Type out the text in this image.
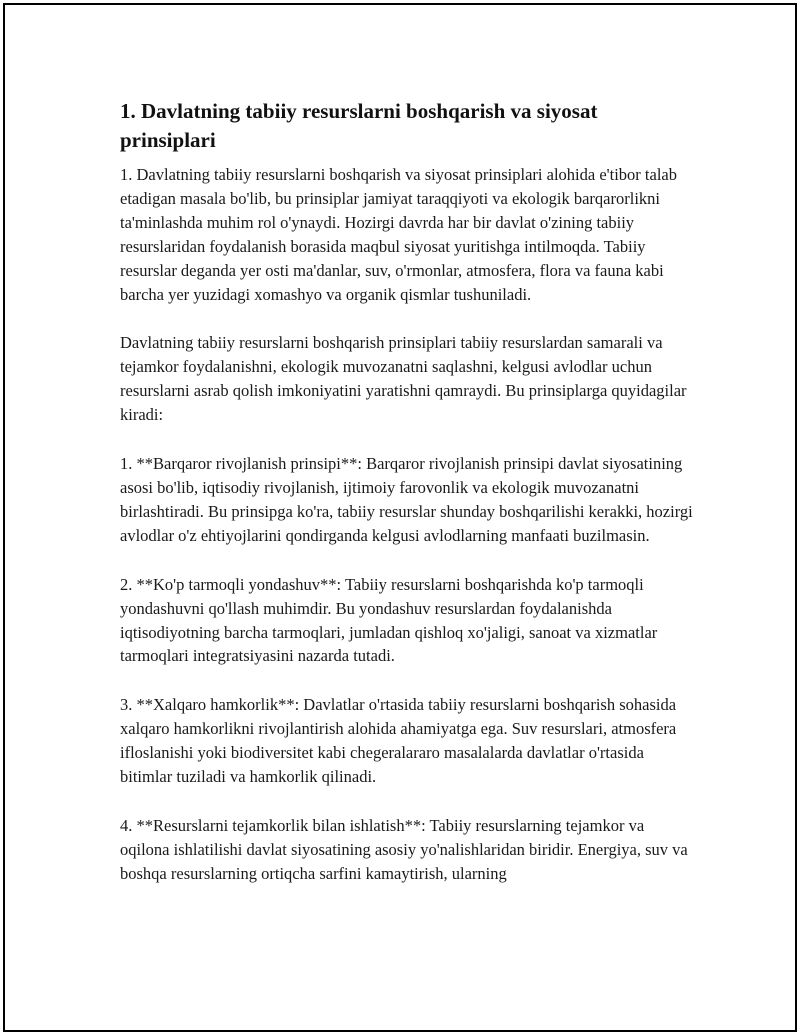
1. Davlatning tabiiy resurslarni boshqarish va siyosat prinsiplari

1. Davlatning tabiiy resurslarni boshqarish va siyosat prinsiplari alohida e'tibor talab etadigan masala bo'lib, bu prinsiplar jamiyat taraqqiyoti va ekologik barqarorlikni ta'minlashda muhim rol o'ynaydi. Hozirgi davrda har bir davlat o'zining tabiiy resurslaridan foydalanish borasida maqbul siyosat yuritishga intilmoqda. Tabiiy resurslar deganda yer osti ma'danlar, suv, o'rmonlar, atmosfera, flora va fauna kabi barcha yer yuzidagi xomashyo va organik qismlar tushuniladi.

Davlatning tabiiy resurslarni boshqarish prinsiplari tabiiy resurslardan samarali va tejamkor foydalanishni, ekologik muvozanatni saqlashni, kelgusi avlodlar uchun resurslarni asrab qolish imkoniyatini yaratishni qamraydi. Bu prinsiplarga quyidagilar kiradi:

1. **Barqaror rivojlanish prinsipi**: Barqaror rivojlanish prinsipi davlat siyosatining asosi bo'lib, iqtisodiy rivojlanish, ijtimoiy farovonlik va ekologik muvozanatni birlashtiradi. Bu prinsipga ko'ra, tabiiy resurslar shunday boshqarilishi kerakki, hozirgi avlodlar o'z ehtiyojlarini qondirganda kelgusi avlodlarning manfaati buzilmasin.

2. **Ko'p tarmoqli yondashuv**: Tabiiy resurslarni boshqarishda ko'p tarmoqli yondashuvni qo'llash muhimdir. Bu yondashuv resurslardan foydalanishda iqtisodiyotning barcha tarmoqlari, jumladan qishloq xo'jaligi, sanoat va xizmatlar tarmoqlari integratsiyasini nazarda tutadi.

3. **Xalqaro hamkorlik**: Davlatlar o'rtasida tabiiy resurslarni boshqarish sohasida xalqaro hamkorlikni rivojlantirish alohida ahamiyatga ega. Suv resurslari, atmosfera ifloslanishi yoki biodiversitet kabi chegeralararo masalalarda davlatlar o'rtasida bitimlar tuziladi va hamkorlik qilinadi.

4. **Resurslarni tejamkorlik bilan ishlatish**: Tabiiy resurslarning tejamkor va oqilona ishlatilishi davlat siyosatining asosiy yo'nalishlaridan biridir. Energiya, suv va boshqa resurslarning ortiqcha sarfini kamaytirish, ularning
